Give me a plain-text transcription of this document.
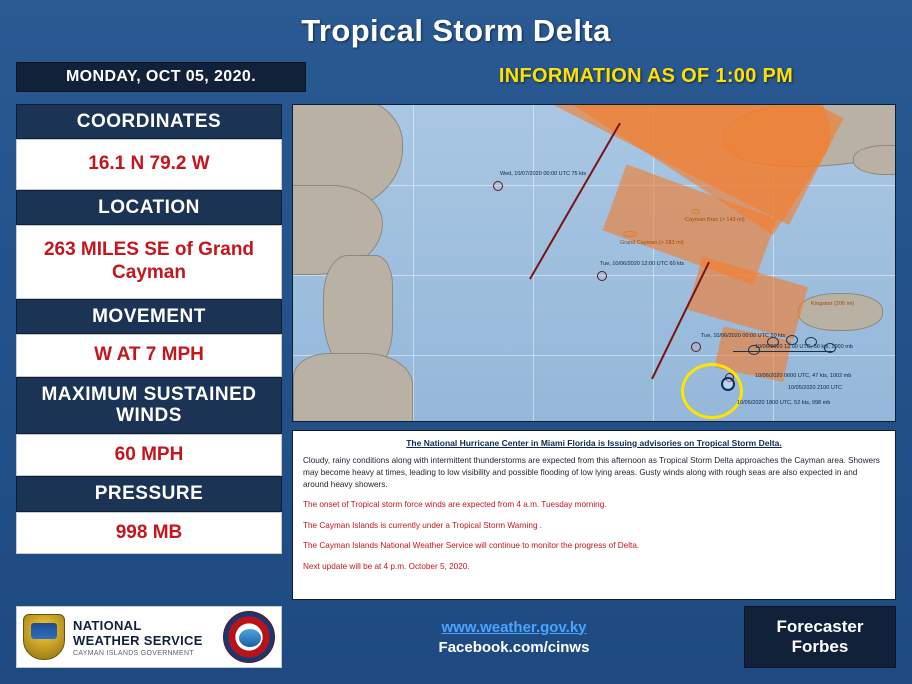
Tropical Storm Delta
MONDAY, OCT 05, 2020.	INFORMATION AS OF 1:00 PM
COORDINATES
16.1 N 79.2 W
LOCATION
263 MILES SE of Grand Cayman
MOVEMENT
W AT 7 MPH
MAXIMUM SUSTAINED WINDS
60 MPH
PRESSURE
998 MB
NATIONAL
WEATHER SERVICE
CAYMAN ISLANDS GOVERNMENT
Wed, 10/07/2020 00:00 UTC 75 kts
Tue, 10/06/2020 12:00 UTC 60 kts
Tue, 10/06/2020 00:00 UTC 50 kts
Grand Cayman (> 183 mi)
Cayman Brac (> 143 mi)
Kingston (206 mi)
10/06/2020 12:00 UTC, 50 kts, 1000 mb
10/06/2020 0600 UTC, 47 kts, 1002 mb
10/05/2020 2100 UTC
10/05/2020 1800 UTC, 52 kts, 998 mb
The National Hurricane Center in Miami Florida is Issuing advisories on Tropical Storm Delta.

Cloudy, rainy conditions along with intermittent thunderstorms are expected from this afternoon as Tropical Storm Delta approaches the Cayman area. Showers may become heavy at times, leading to low visibility and possible flooding of low lying areas. Gusty winds along with rough seas are also expected in and around heavy showers.

The onset of Tropical storm force winds are expected from 4 a.m. Tuesday morning.

The Cayman Islands is currently under a Tropical Storm Warning .

The Cayman Islands National Weather Service will continue to monitor the progress of Delta.

Next update will be at 4 p.m. October 5, 2020.

www.weather.gov.ky
Facebook.com/cinws
Forecaster
Forbes
